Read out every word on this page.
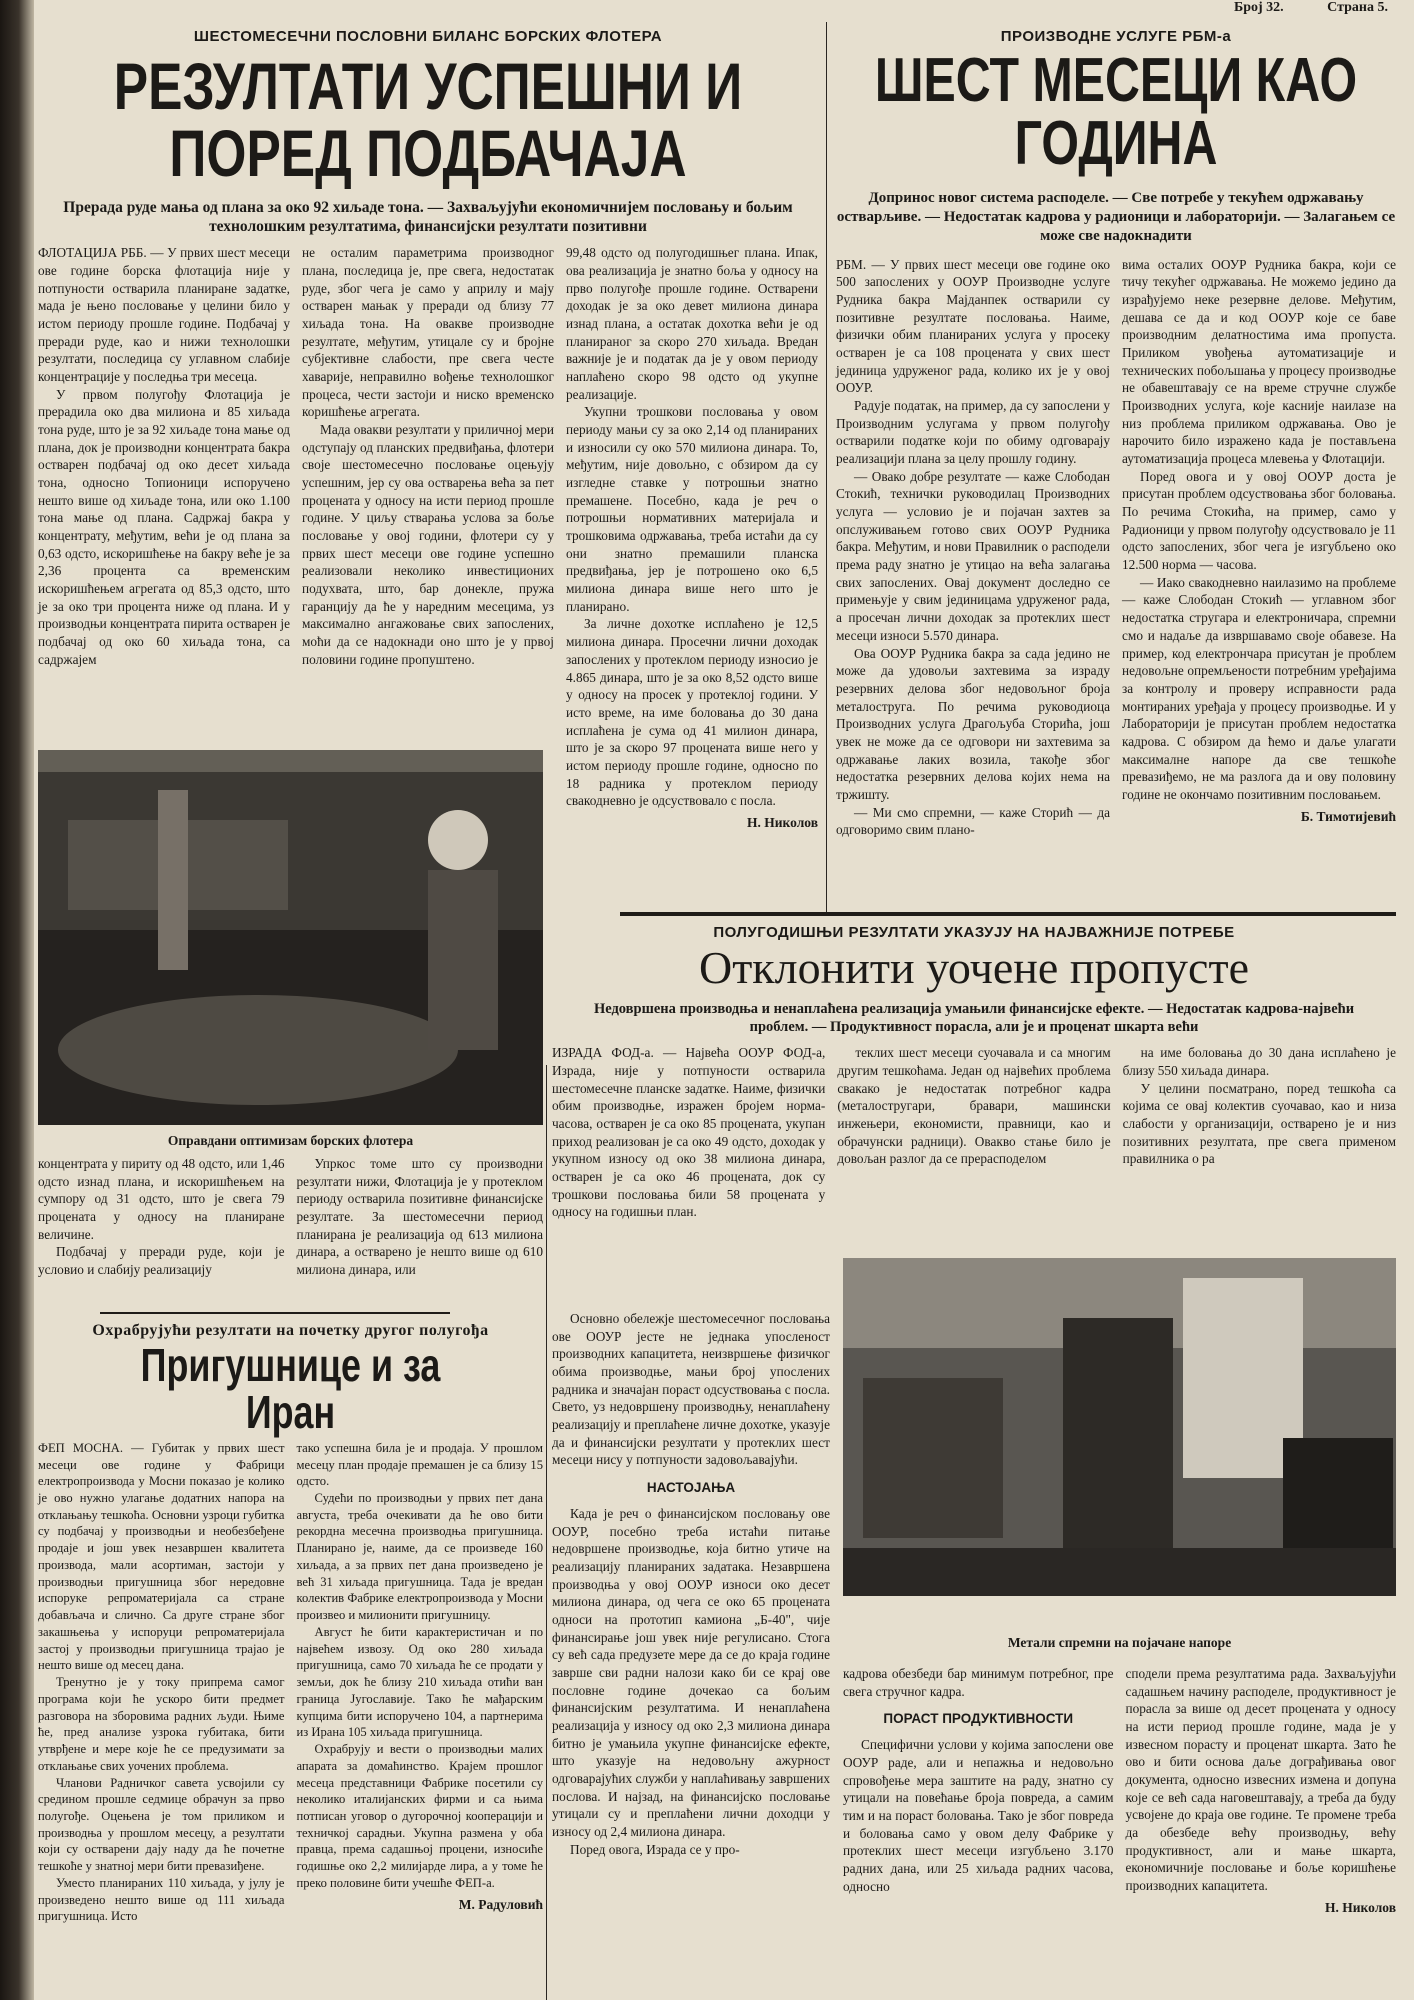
Број 32.	Страна 5.
ШЕСТОМЕСЕЧНИ ПОСЛОВНИ БИЛАНС БОРСКИХ ФЛОТЕРА
РЕЗУЛТАТИ УСПЕШНИ И ПОРЕД ПОДБАЧАЈА
Прерада руде мања од плана за око 92 хиљаде тона. — Захваљујући економичнијем пословању и бољим технолошким резултатима, финансијски резултати позитивни

ФЛОТАЦИЈА РББ. — У првих шест месеци ове године борска флотација није у потпуности остварила планиране задатке, мада је њено пословање у целини било у истом периоду прошле године. Подбачај у преради руде, као и нижи технолошки резултати, последица су углавном слабије концентрације у последња три месеца.

У првом полугођу Флотација је прерадила око два милиона и 85 хиљада тона руде, што је за 92 хиљаде тона мање од плана, док је производни концентрата бакра остварен подбачај од око десет хиљада тона, односно Топионици испоручено нешто више од хиљаде тона, или око 1.100 тона мање од плана. Садржај бакра у концентрату, међутим, већи је од плана за 0,63 одсто, искоришћење на бакру веће је за 2,36 процента са временским искоришћењем агрегата од 85,3 одсто, што је за око три процента ниже од плана. И у производњи концентрата пирита остварен је подбачај од око 60 хиљада тона, са садржајем

не осталим параметрима производног плана, последица је, пре свега, недостатак руде, због чега је само у априлу и мају остварен мањак у преради од близу 77 хиљада тона. На овакве производне резултате, међутим, утицале су и бројне субјективне слабости, пре свега честе хаварије, неправилно вођење технолошког процеса, чести застоји и ниско временско коришћење агрегата.

Мада овакви резултати у приличној мери одступају од планских предвиђања, флотери своје шестомесечно пословање оцењују успешним, јер су ова остварења већа за пет процената у односу на исти период прошле године. У циљу стварања услова за боље пословање у овој години, флотери су у првих шест месеци ове године успешно реализовали неколико инвестиционих подухвата, што, бар донекле, пружа гаранцију да ће у наредним месецима, уз максимално ангажовање свих запослених, моћи да се надокнади оно што је у првој половини године пропуштено.

99,48 одсто од полугодишњег плана. Ипак, ова реализација је знатно боља у односу на прво полугође прошле године. Остварени доходак је за око девет милиона динара изнад плана, а остатак дохотка већи је од планираног за скоро 270 хиљада. Вредан важније је и податак да је у овом периоду наплаћено скоро 98 одсто од укупне реализације.

Укупни трошкови пословања у овом периоду мањи су за око 2,14 од планираних и износили су око 570 милиона динара. То, међутим, није довољно, с обзиром да су изгледне ставке у потрошњи знатно премашене. Посебно, када је реч о потрошњи нормативних материјала и трошковима одржавања, треба истаћи да су они знатно премашили планска предвиђања, јер је потрошено око 6,5 милиона динара више него што је планирано.

За личне дохотке исплаћено је 12,5 милиона динара. Просечни лични доходак запослених у протеклом периоду износио је 4.865 динара, што је за око 8,52 одсто више у односу на просек у протеклој години. У исто време, на име боловања до 30 дана исплаћена је сума од 41 милион динара, што је за скоро 97 процената више него у истом периоду прошле године, односно по 18 радника у протеклом периоду свакодневно је одсуствовало с посла.

Н. Николов
Оправдани оптимизам борских флотера

концентрата у пириту од 48 одсто, или 1,46 одсто изнад плана, и искоришћењем на сумпору од 31 одсто, што је свега 79 процената у односу на планиране величине.

Подбачај у преради руде, који је условио и слабију реализацију

Упркос томе што су производни резултати нижи, Флотација је у протеклом периоду остварила позитивне финансијске резултате. За шестомесечни период планирана је реализација од 613 милиона динара, а остварено је нешто више од 610 милиона динара, или

ПРОИЗВОДНЕ УСЛУГЕ РБМ-а
ШЕСТ МЕСЕЦИ КАО ГОДИНА
Допринос новог система расподеле. — Све потребе у текућем одржавању остварљиве. — Недостатак кадрова у радионици и лабораторији. — Залагањем се може све надокнадити

РБМ. — У првих шест месеци ове године око 500 запослених у ООУР Производне услуге Рудника бакра Мајданпек остварили су позитивне резултате пословања. Наиме, физички обим планираних услуга у просеку остварен је са 108 процената у свих шест јединица удруженог рада, колико их је у овој ООУР.

Радује податак, на пример, да су запослени у Производним услугама у првом полугођу остварили податке који по обиму одговарају реализацији плана за целу прошлу годину.

— Овако добре резултате — каже Слободан Стокић, технички руководилац Производних услуга — условио је и појачан захтев за опслуживањем готово свих ООУР Рудника бакра. Међутим, и нови Правилник о расподели према раду знатно је утицао на већа залагања свих запослених. Овај документ доследно се примењује у свим јединицама удруженог рада, а просечан лични доходак за протеклих шест месеци износи 5.570 динара.

Ова ООУР Рудника бакра за сада једино не може да удовољи захтевима за израду резервних делова због недовољног броја металоструга. По речима руководиоца Производних услуга Драгољуба Сторића, још увек не може да се одговори ни захтевима за одржавање лаких возила, такође због недостатка резервних делова којих нема на тржишту.

— Ми смо спремни, — каже Сторић — да одговоримо свим плано-

вима осталих ООУР Рудника бакра, који се тичу текућег одржавања. Не можемо једино да израђујемо неке резервне делове. Међутим, дешава се да и код ООУР које се баве производним делатностима има пропуста. Приликом увођења аутоматизације и технических побољшања у процесу производње не обавештавају се на време стручне службе Производних услуга, које касније наилазе на низ проблема приликом одржавања. Ово је нарочито било изражено када је постављена аутоматизација процеса млевења у Флотацији.

Поред овога и у овој ООУР доста је присутан проблем одсуствовања због боловања. По речима Стокића, на пример, само у Радионици у првом полугођу одсуствовало је 11 одсто запослених, због чега је изгубљено око 12.500 норма — часова.

— Иако свакодневно наилазимо на проблеме — каже Слободан Стокић — углавном због недостатка стругара и електроничара, спремни смо и надаље да извршавамо своје обавезе. На пример, код електрончара присутан је проблем недовољне опремљености потребним уређајима за контролу и проверу исправности рада монтираних уређаја у процесу производње. И у Лабораторији је присутан проблем недостатка кадрова. С обзиром да ћемо и даље улагати максималне напоре да све тешкоће превазиђемо, не ма разлога да и ову половину године не окончамо позитивним пословањем.

Б. Тимотијевић
ПОЛУГОДИШЊИ РЕЗУЛТАТИ УКАЗУЈУ НА НАЈВАЖНИЈЕ ПОТРЕБЕ
Отклонити уочене пропусте
Недовршена производња и ненаплаћена реализација умањили финансијске ефекте. — Недостатак кадрова-највећи проблем. — Продуктивност порасла, али је и проценат шкарта већи

ИЗРАДА ФОД-а. — Највећа ООУР ФОД-а, Израда, није у потпуности остварила шестомесечне планске задатке. Наиме, физички обим производње, изражен бројем норма-часова, остварен је са око 85 процената, укупан приход реализован је са око 49 одсто, доходак у укупном износу од око 38 милиона динара, остварен је са око 46 процената, док су трошкови пословања били 58 процената у односу на годишњи план.

теклих шест месеци суочавала и са многим другим тешкоћама. Један од највећих проблема свакако је недостатак потребног кадра (металостругари, бравари, машински инжењери, економисти, правници, као и обрачунски радници). Овакво стање било је довољан разлог да се прерасподелом

на име боловања до 30 дана исплаћено је близу 550 хиљада динара.

У целини посматрано, поред тешкоћа са којима се овај колектив суочавао, као и низа слабости у организацији, остварено је и низ позитивних резултата, пре свега применом правилника о ра

Основно обележје шестомесечног пословања ове ООУР јесте не једнака упосленост производних капацитета, неизвршење физичког обима производње, мањи број упослених радника и значајан пораст одсуствовања с посла. Свето, уз недовршену производњу, ненаплаћену реализацију и преплаћене личне дохотке, указује да и финансијски резултати у протеклих шест месеци нису у потпуности задовољавајући.

НАСТОЈАЊА

Када је реч о финансијском пословању ове ООУР, посебно треба истаћи питање недовршене производње, која битно утиче на реализацију планираних задатака. Незавршена производња у овој ООУР износи око десет милиона динара, од чега се око 65 процената односи на прототип камиона „Б-40", чије финансирање још увек није регулисано. Стога су већ сада предузете мере да се до краја године заврше сви радни налози како би се крај ове пословне године дочекао са бољим финансијским резултатима. И ненаплаћена реализација у износу од око 2,3 милиона динара битно је умањила укупне финансијске ефекте, што указује на недовољну ажурност одговарајућих служби у наплаћивању завршених послова. И најзад, на финансијско пословање утицали су и преплаћени лични доходци у износу од 2,4 милиона динара.

Поред овога, Израда се у про-

Метали спремни на појачане напоре

кадрова обезбеди бар минимум потребног, пре свега стручног кадра.

ПОРАСТ ПРОДУКТИВНОСТИ

Специфични услови у којима запослени ове ООУР раде, али и непажња и недовољно спровођење мера заштите на раду, знатно су утицали на повећање броја повреда, а самим тим и на пораст боловања. Тако је због повреда и боловања само у овом делу Фабрике у протеклих шест месеци изгубљено 3.170 радних дана, или 25 хиљада радних часова, односно

сподели према резултатима рада. Захваљујући садашњем начину расподеле, продуктивност је порасла за више од десет процената у односу на исти период прошле године, мада је у извесном порасту и проценат шкарта. Зато ће ово и бити основа даље дограђивања овог документа, односно извесних измена и допуна које се већ сада наговештавају, а треба да буду усвојене до краја ове године. Те промене треба да обезбеде већу производњу, већу продуктивност, али и мање шкарта, економичније пословање и боље коришћење производних капацитета.

Н. Николов
Охрабрујући резултати на почетку другог полугођа
Пригушнице и за Иран

ФЕП МОСНА. — Губитак у првих шест месеци ове године у Фабрици електропроизвода у Мосни показао је колико је ово нужно улагање додатних напора на отклањању тешкоћа. Основни узроци губитка су подбачај у производњи и необезбеђене продаје и још увек незавршен квалитета производа, мали асортиман, застоји у производњи пригушница због нередовне испоруке репроматеријала са стране добављача и слично. Са друге стране због закашњења у испоруци репроматеријала застој у производњи пригушница трајао је нешто више од месец дана.

Тренутно је у току припрема самог програма који ће ускоро бити предмет разговора на зборовима радних људи. Њиме ће, пред анализе узрока губитака, бити утврђене и мере које ће се предузимати за отклањање свих уочених проблема.

Чланови Радничког савета усвојили су средином прошле седмице обрачун за прво полугође. Оцењена је том приликом и производња у прошлом месецу, а резултати који су остварени дају наду да ће почетне тешкоће у знатној мери бити превазиђене.

Уместо планираних 110 хиљада, у јулу је произведено нешто више од 111 хиљада пригушница. Исто

тако успешна била је и продаја. У прошлом месецу план продаје премашен је са близу 15 одсто.

Судећи по производњи у првих пет дана августа, треба очекивати да ће ово бити рекордна месечна производња пригушница. Планирано је, наиме, да се произведе 160 хиљада, а за првих пет дана произведено је већ 31 хиљада пригушница. Тада је вредан колектив Фабрике електропроизвода у Мосни произвео и милионити пригушницу.

Август ће бити карактеристичан и по највећем извозу. Од око 280 хиљада пригушница, само 70 хиљада ће се продати у земљи, док ће близу 210 хиљада отићи ван граница Југославије. Тако ће мађарским купцима бити испоручено 104, а партнерима из Ирана 105 хиљада пригушница.

Охрабрују и вести о производњи малих апарата за домаћинство. Крајем прошлог месеца представници Фабрике посетили су неколико италијанских фирми и са њима потписан уговор о дугорочној кооперацији и техничкој сарадњи. Укупна размена у оба правца, према садашњој процени, износиће годишње око 2,2 милијарде лира, а у томе ће преко половине бити учешће ФЕП-а.

М. Радуловић
